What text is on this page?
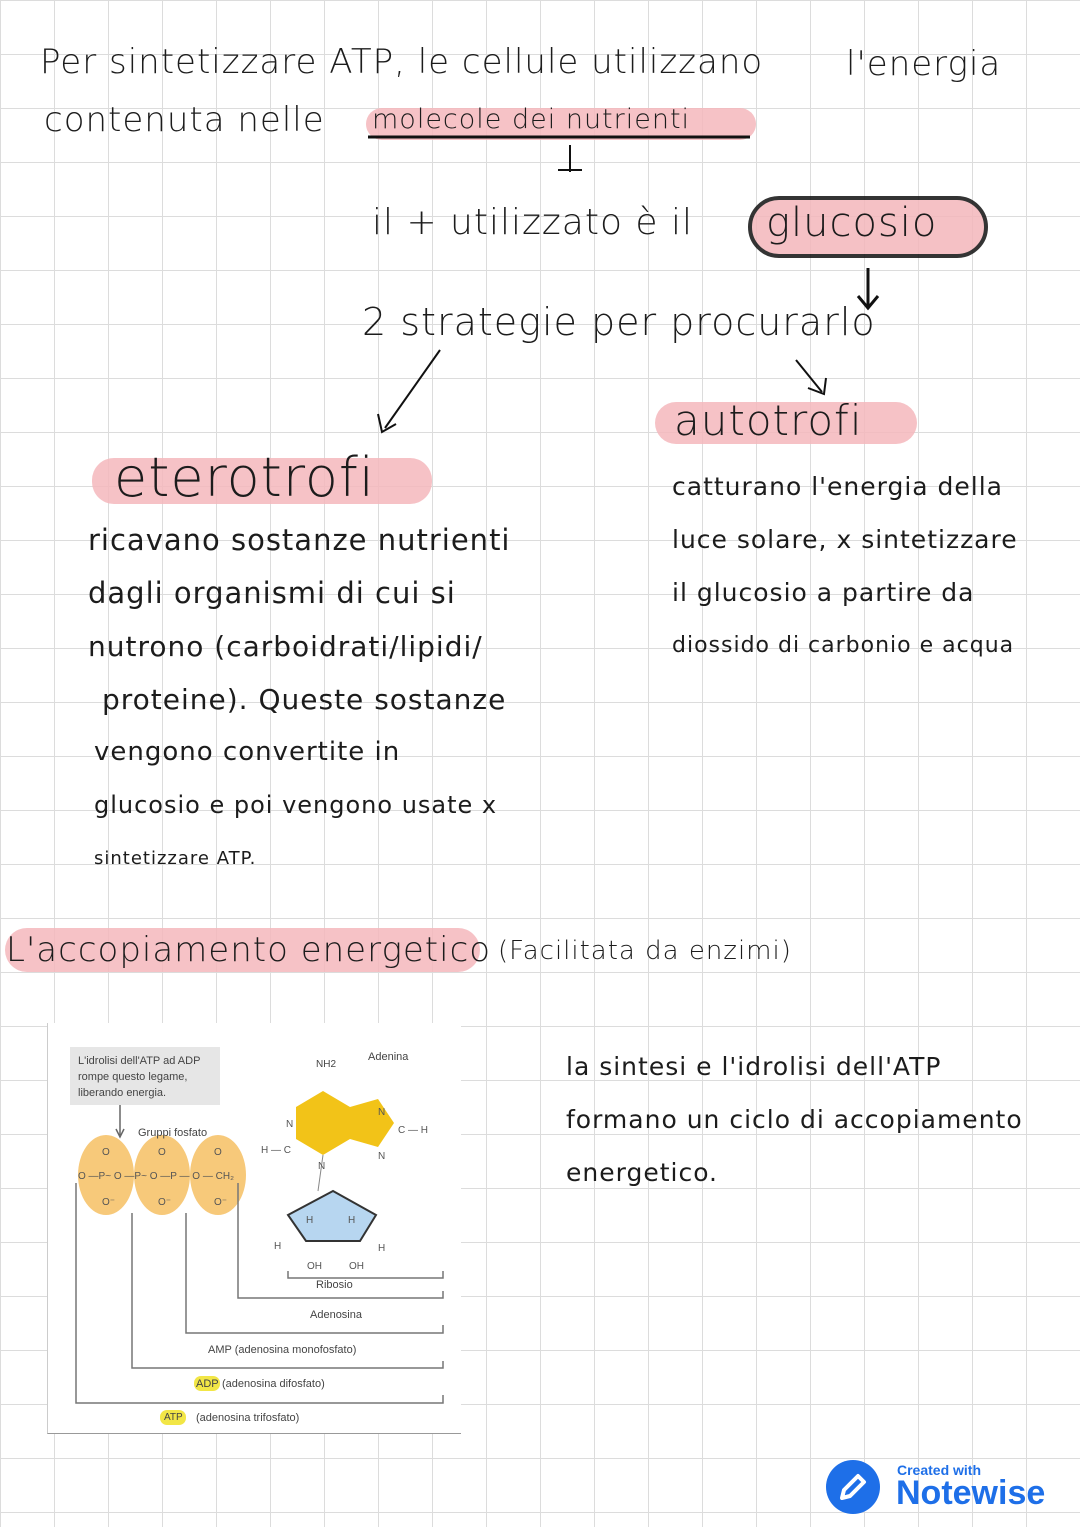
Per sintetizzare ATP, le cellule utilizzano l'energia
contenuta nelle molecole dei nutrienti
il + utilizzato è il glucosio
2 strategie per procurarlo
autotrofi
eterotrofi
ricavano sostanze nutrienti
dagli organismi di cui si
nutrono (carboidrati/lipidi/
proteine). Queste sostanze
vengono convertite in
glucosio e poi vengono usate x
sintetizzare ATP.
catturano l'energia della
luce solare, x sintetizzare
il glucosio a partire da
diossido di carbonio e acqua
L'accopiamento energetico (Facilitata da enzimi)
la sintesi e l'idrolisi dell'ATP
formano un ciclo di accopiamento
energetico.
L'idrolisi dell'ATP ad ADP
rompe questo legame,
liberando energia.
O	O	O
O —P~ O —P~ O —P — O — CH₂
O⁻	O⁻	O⁻
N
H — C
N
N
C — H
N
H	H
H	H
OH	OH
Gruppi fosfato
Adenina
NH2
Ribosio
Adenosina
AMP (adenosina monofosfato)
ADP (adenosina difosfato)
ATP (adenosina trifosfato)
Created with
Notewise
